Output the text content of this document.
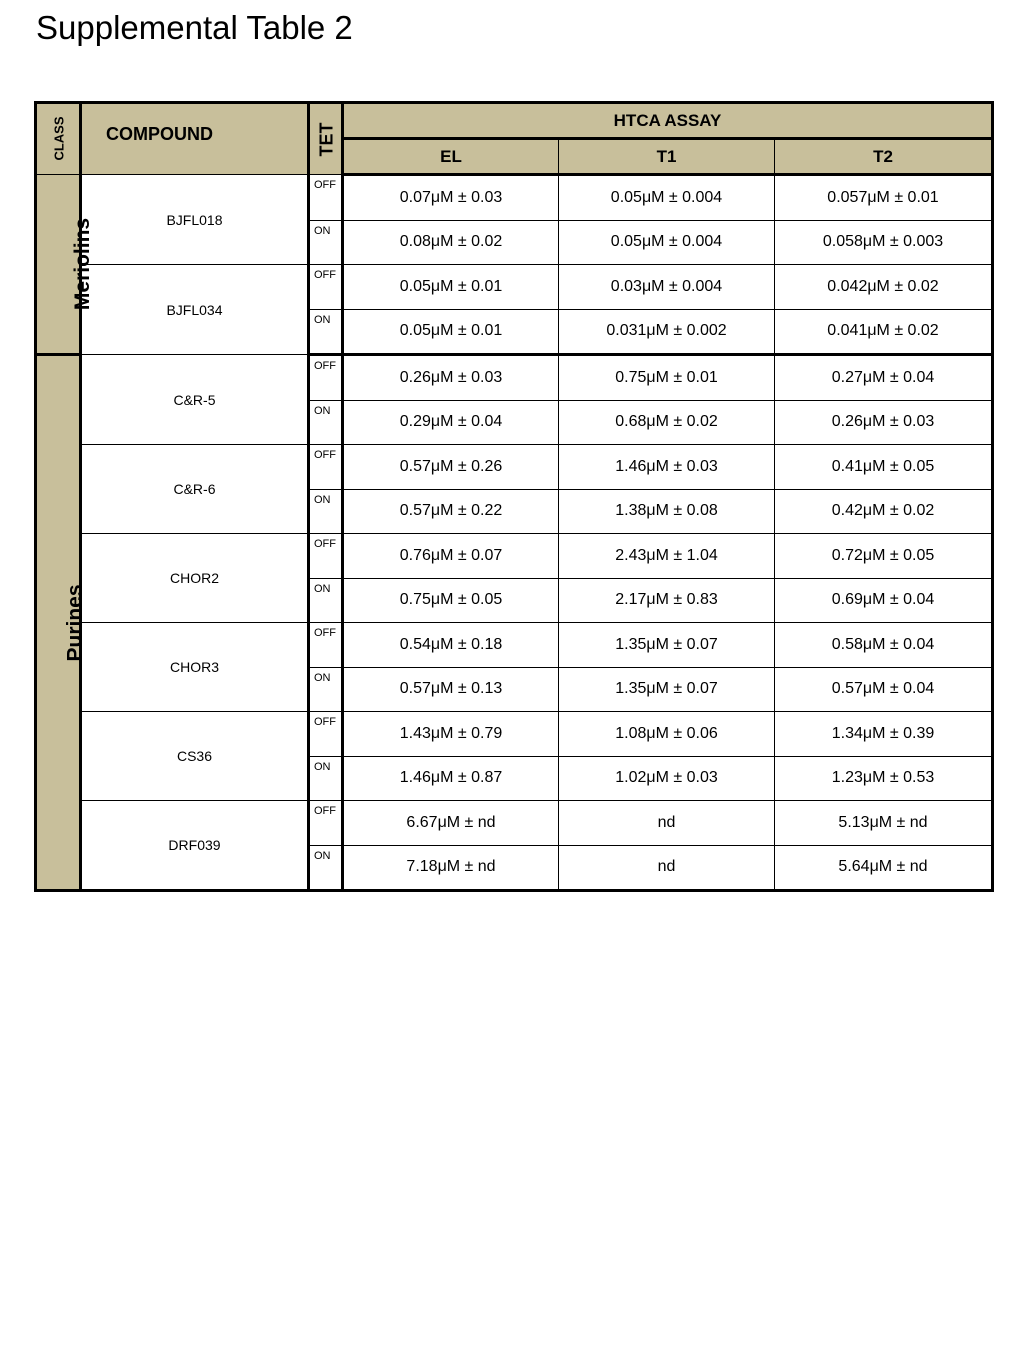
Supplemental Table 2
CLASS	COMPOUND	TET	HTCA ASSAY		
			EL	T1	T2
Meriolins	BJFL018	OFF	0.07μM ± 0.03	0.05μM ± 0.004	0.057μM ± 0.01
		ON	0.08μM ± 0.02	0.05μM ± 0.004	0.058μM ± 0.003
	BJFL034	OFF	0.05μM ± 0.01	0.03μM ± 0.004	0.042μM ± 0.02
		ON	0.05μM ± 0.01	0.031μM ± 0.002	0.041μM ± 0.02
Purines	C&R-5	OFF	0.26μM ± 0.03	0.75μM ± 0.01	0.27μM ± 0.04
		ON	0.29μM ± 0.04	0.68μM ± 0.02	0.26μM ± 0.03
	C&R-6	OFF	0.57μM ± 0.26	1.46μM ± 0.03	0.41μM ± 0.05
		ON	0.57μM ± 0.22	1.38μM ± 0.08	0.42μM ± 0.02
	CHOR2	OFF	0.76μM ± 0.07	2.43μM ± 1.04	0.72μM ± 0.05
		ON	0.75μM ± 0.05	2.17μM ± 0.83	0.69μM ± 0.04
	CHOR3	OFF	0.54μM ± 0.18	1.35μM ± 0.07	0.58μM ± 0.04
		ON	0.57μM ± 0.13	1.35μM ± 0.07	0.57μM ± 0.04
	CS36	OFF	1.43μM ± 0.79	1.08μM ± 0.06	1.34μM ± 0.39
		ON	1.46μM ± 0.87	1.02μM ± 0.03	1.23μM ± 0.53
	DRF039	OFF	6.67μM ± nd	nd	5.13μM ± nd
		ON	7.18μM ± nd	nd	5.64μM ± nd
